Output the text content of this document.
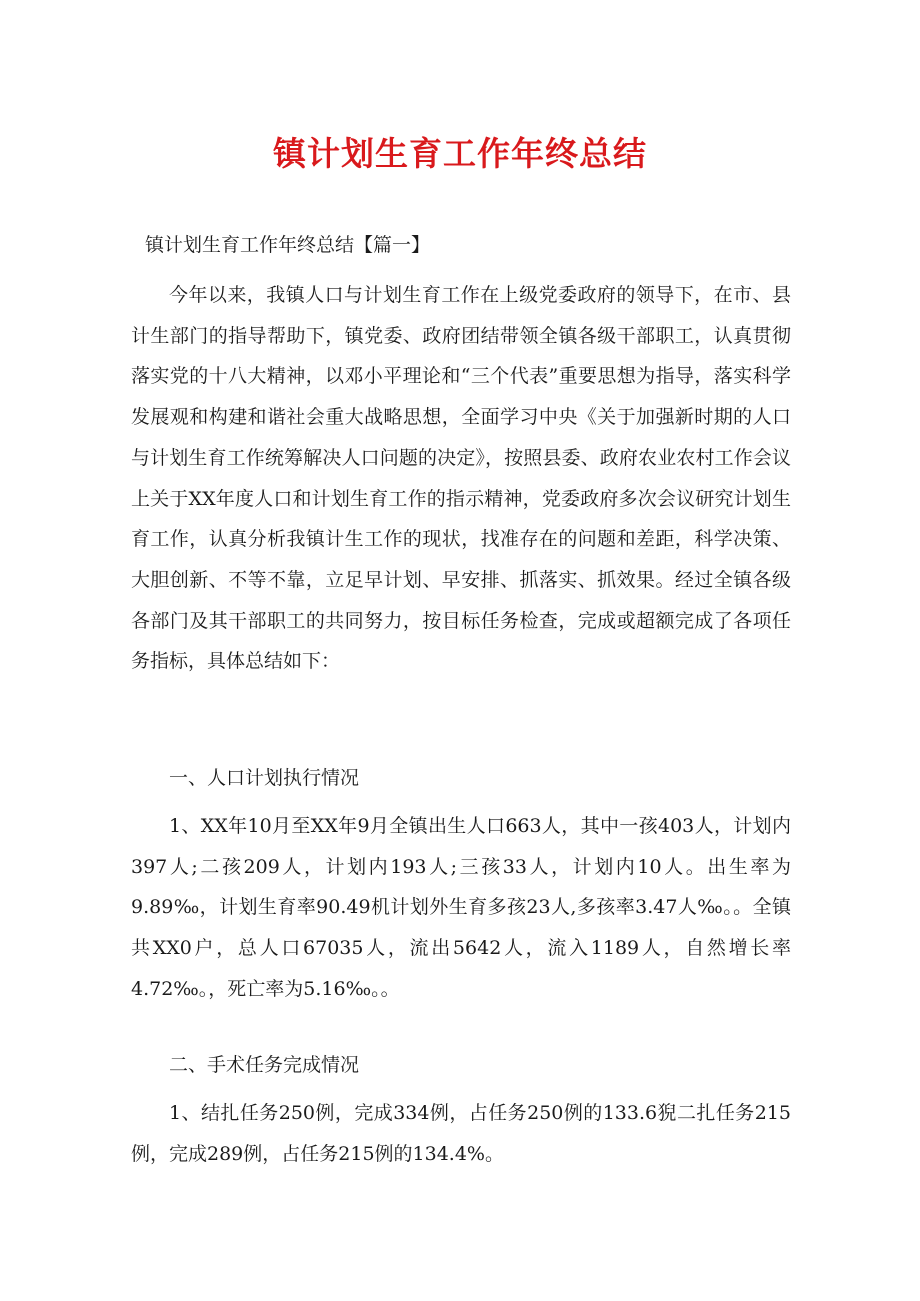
镇计划生育工作年终总结

镇计划生育工作年终总结【篇一】

今年以来，我镇人口与计划生育工作在上级党委政府的领导下，在市、县计生部门的指导帮助下，镇党委、政府团结带领全镇各级干部职工，认真贯彻落实党的十八大精神，以邓小平理论和“三个代表”重要思想为指导，落实科学发展观和构建和谐社会重大战略思想，全面学习中央《关于加强新时期的人口与计划生育工作统筹解决人口问题的决定》，按照县委、政府农业农村工作会议上关于XX年度人口和计划生育工作的指示精神，党委政府多次会议研究计划生育工作，认真分析我镇计生工作的现状，找准存在的问题和差距，科学决策、大胆创新、不等不靠，立足早计划、早安排、抓落实、抓效果。经过全镇各级各部门及其干部职工的共同努力，按目标任务检查，完成或超额完成了各项任务指标，具体总结如下：

一、人口计划执行情况

1、XX年10月至XX年9月全镇出生人口663人，其中一孩403人，计划内397人;二孩209人，计划内193人;三孩33人，计划内10人。出生率为9.89‰，计划生育率90.49机计划外生育多孩23人,多孩率3.47人‰。。全镇共XX0户，总人口67035人，流出5642人，流入1189人，自然增长率4.72‰。，死亡率为5.16‰。。

二、手术任务完成情况

1、结扎任务250例，完成334例，占任务250例的133.6猊二扎任务215例，完成289例，占任务215例的134.4%。
